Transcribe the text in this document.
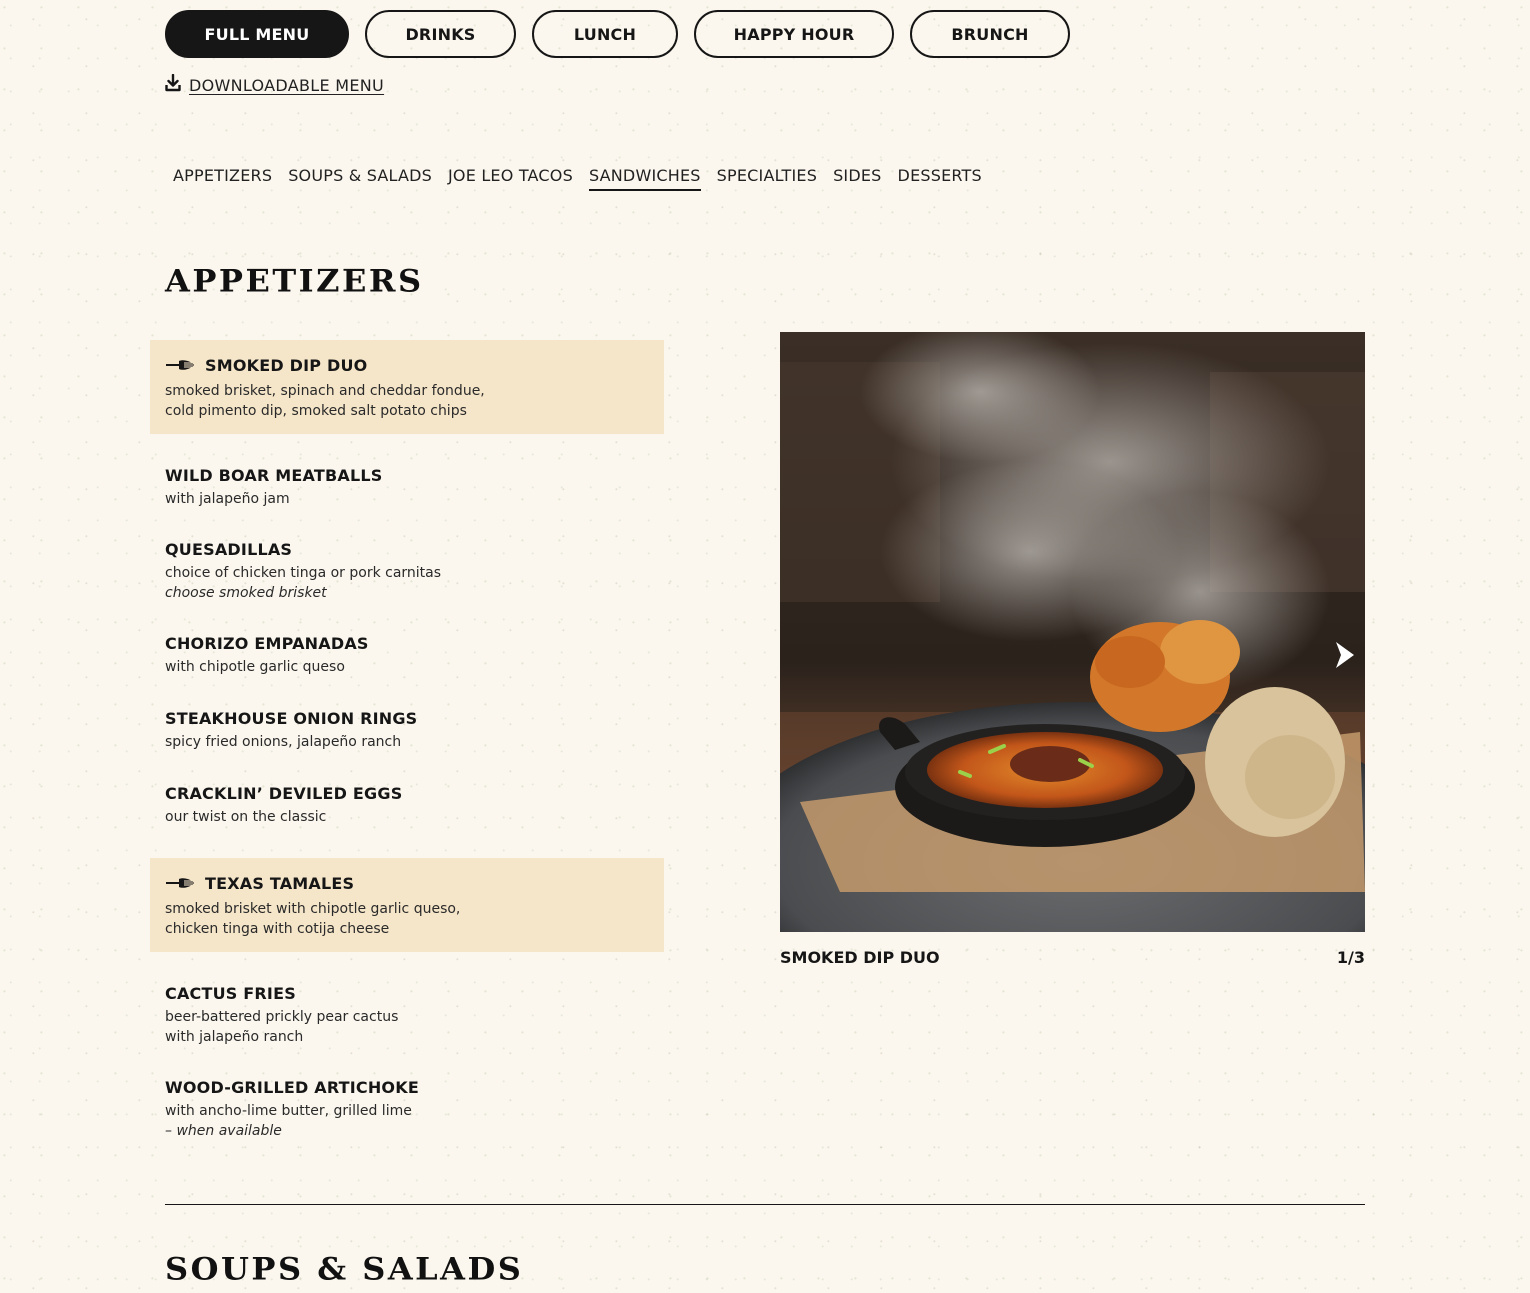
FULL MENU	DRINKS	LUNCH	HAPPY HOUR	BRUNCH
DOWNLOADABLE MENU
APPETIZERS SOUPS & SALADS JOE LEO TACOS SANDWICHES SPECIALTIES SIDES DESSERTS
APPETIZERS
SMOKED DIP DUO
smoked brisket, spinach and cheddar fondue,
cold pimento dip, smoked salt potato chips
WILD BOAR MEATBALLS
with jalapeño jam
QUESADILLAS
choice of chicken tinga or pork carnitas
choose smoked brisket
CHORIZO EMPANADAS
with chipotle garlic queso
STEAKHOUSE ONION RINGS
spicy fried onions, jalapeño ranch
CRACKLIN’ DEVILED EGGS
our twist on the classic
TEXAS TAMALES
smoked brisket with chipotle garlic queso,
chicken tinga with cotija cheese
CACTUS FRIES
beer-battered prickly pear cactus
with jalapeño ranch
WOOD-GRILLED ARTICHOKE
with ancho-lime butter, grilled lime
– when available
SMOKED DIP DUO	1/3
SOUPS & SALADS
